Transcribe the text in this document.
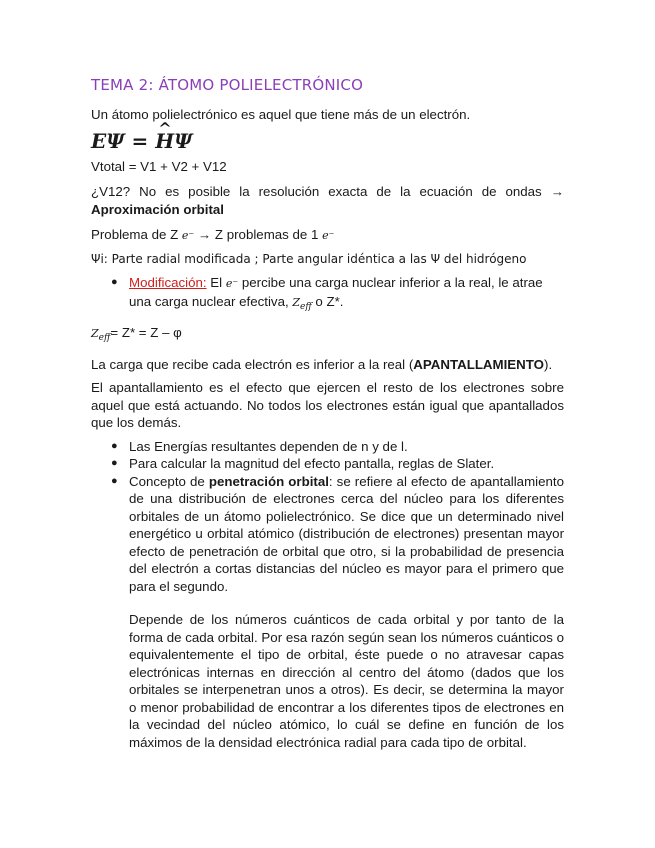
TEMA 2: ÁTOMO POLIELECTRÓNICO

Un átomo polielectrónico es aquel que tiene más de un electrón.

EΨ = ^ HΨ

Vtotal = V1 + V2 + V12

¿V12? No es posible la resolución exacta de la ecuación de ondas → Aproximación orbital

Problema de Z e⁻ → Z problemas de 1 e⁻

Ψi: Parte radial modificada ; Parte angular idéntica a las Ψ del hidrógeno

● Modificación: El e⁻ percibe una carga nuclear inferior a la real, le atrae una carga nuclear efectiva, $Z_{eff}$ o Z*.

$Z_{eff}= Z* = Z - \varphi$

La carga que recibe cada electrón es inferior a la real (APANTALLAMIENTO).

El apantallamiento es el efecto que ejercen el resto de los electrones sobre aquel que está actuando. No todos los electrones están igual que apantallados que los demás.

● Las Energías resultantes dependen de n y de l.
● Para calcular la magnitud del efecto pantalla, reglas de Slater.
● Concepto de penetración orbital: se refiere al efecto de apantallamiento de una distribución de electrones cerca del núcleo para los diferentes orbitales de un átomo polielectrónico. Se dice que un determinado nivel energético u orbital atómico (distribución de electrones) presentan mayor efecto de penetración de orbital que otro, si la probabilidad de presencia del electrón a cortas distancias del núcleo es mayor para el primero que para el segundo.
Depende de los números cuánticos de cada orbital y por tanto de la forma de cada orbital. Por esa razón según sean los números cuánticos o equivalentemente el tipo de orbital, éste puede o no atravesar capas electrónicas internas en dirección al centro del átomo (dados que los orbitales se interpenetran unos a otros). Es decir, se determina la mayor o menor probabilidad de encontrar a los diferentes tipos de electrones en la vecindad del núcleo atómico, lo cuál se define en función de los máximos de la densidad electrónica radial para cada tipo de orbital.
